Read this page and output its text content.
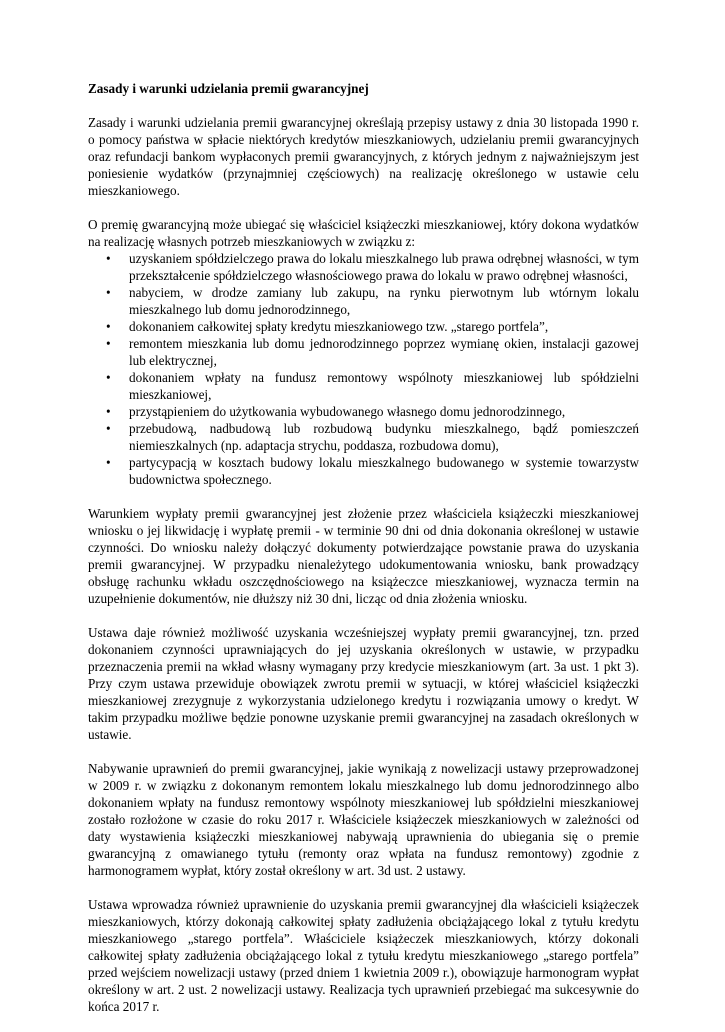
Zasady i warunki udzielania premii gwarancyjnej

Zasady i warunki udzielania premii gwarancyjnej określają przepisy ustawy z dnia 30 listopada 1990 r. o pomocy państwa w spłacie niektórych kredytów mieszkaniowych, udzielaniu premii gwarancyjnych oraz refundacji bankom wypłaconych premii gwarancyjnych, z których jednym z najważniejszym jest poniesienie wydatków (przynajmniej częściowych) na realizację określonego w ustawie celu mieszkaniowego.

O premię gwarancyjną może ubiegać się właściciel książeczki mieszkaniowej, który dokona wydatków na realizację własnych potrzeb mieszkaniowych w związku z:

• uzyskaniem spółdzielczego prawa do lokalu mieszkalnego lub prawa odrębnej własności, w tym przekształcenie spółdzielczego własnościowego prawa do lokalu w prawo odrębnej własności,
• nabyciem, w drodze zamiany lub zakupu, na rynku pierwotnym lub wtórnym lokalu mieszkalnego lub domu jednorodzinnego,
• dokonaniem całkowitej spłaty kredytu mieszkaniowego tzw. „starego portfela”,
• remontem mieszkania lub domu jednorodzinnego poprzez wymianę okien, instalacji gazowej lub elektrycznej,
• dokonaniem wpłaty na fundusz remontowy wspólnoty mieszkaniowej lub spółdzielni mieszkaniowej,
• przystąpieniem do użytkowania wybudowanego własnego domu jednorodzinnego,
• przebudową, nadbudową lub rozbudową budynku mieszkalnego, bądź pomieszczeń niemieszkalnych (np. adaptacja strychu, poddasza, rozbudowa domu),
• partycypacją w kosztach budowy lokalu mieszkalnego budowanego w systemie towarzystw budownictwa społecznego.

Warunkiem wypłaty premii gwarancyjnej jest złożenie przez właściciela książeczki mieszkaniowej wniosku o jej likwidację i wypłatę premii - w terminie 90 dni od dnia dokonania określonej w ustawie czynności. Do wniosku należy dołączyć dokumenty potwierdzające powstanie prawa do uzyskania premii gwarancyjnej. W przypadku nienależytego udokumentowania wniosku, bank prowadzący obsługę rachunku wkładu oszczędnościowego na książeczce mieszkaniowej, wyznacza termin na uzupełnienie dokumentów, nie dłuższy niż 30 dni, licząc od dnia złożenia wniosku.

Ustawa daje również możliwość uzyskania wcześniejszej wypłaty premii gwarancyjnej, tzn. przed dokonaniem czynności uprawniających do jej uzyskania określonych w ustawie, w przypadku przeznaczenia premii na wkład własny wymagany przy kredycie mieszkaniowym (art. 3a ust. 1 pkt 3). Przy czym ustawa przewiduje obowiązek zwrotu premii w sytuacji, w której właściciel książeczki mieszkaniowej zrezygnuje z wykorzystania udzielonego kredytu i rozwiązania umowy o kredyt. W takim przypadku możliwe będzie ponowne uzyskanie premii gwarancyjnej na zasadach określonych w ustawie.

Nabywanie uprawnień do premii gwarancyjnej, jakie wynikają z nowelizacji ustawy przeprowadzonej w 2009 r. w związku z dokonanym remontem lokalu mieszkalnego lub domu jednorodzinnego albo dokonaniem wpłaty na fundusz remontowy wspólnoty mieszkaniowej lub spółdzielni mieszkaniowej zostało rozłożone w czasie do roku 2017 r. Właściciele książeczek mieszkaniowych w zależności od daty wystawienia książeczki mieszkaniowej nabywają uprawnienia do ubiegania się o premie gwarancyjną z omawianego tytułu (remonty oraz wpłata na fundusz remontowy) zgodnie z harmonogramem wypłat, który został określony w art. 3d ust. 2 ustawy.

Ustawa wprowadza również uprawnienie do uzyskania premii gwarancyjnej dla właścicieli książeczek mieszkaniowych, którzy dokonają całkowitej spłaty zadłużenia obciążającego lokal z tytułu kredytu mieszkaniowego „starego portfela”. Właściciele książeczek mieszkaniowych, którzy dokonali całkowitej spłaty zadłużenia obciążającego lokal z tytułu kredytu mieszkaniowego „starego portfela” przed wejściem nowelizacji ustawy (przed dniem 1 kwietnia 2009 r.), obowiązuje harmonogram wypłat określony w art. 2 ust. 2 nowelizacji ustawy. Realizacja tych uprawnień przebiegać ma sukcesywnie do końca 2017 r.
